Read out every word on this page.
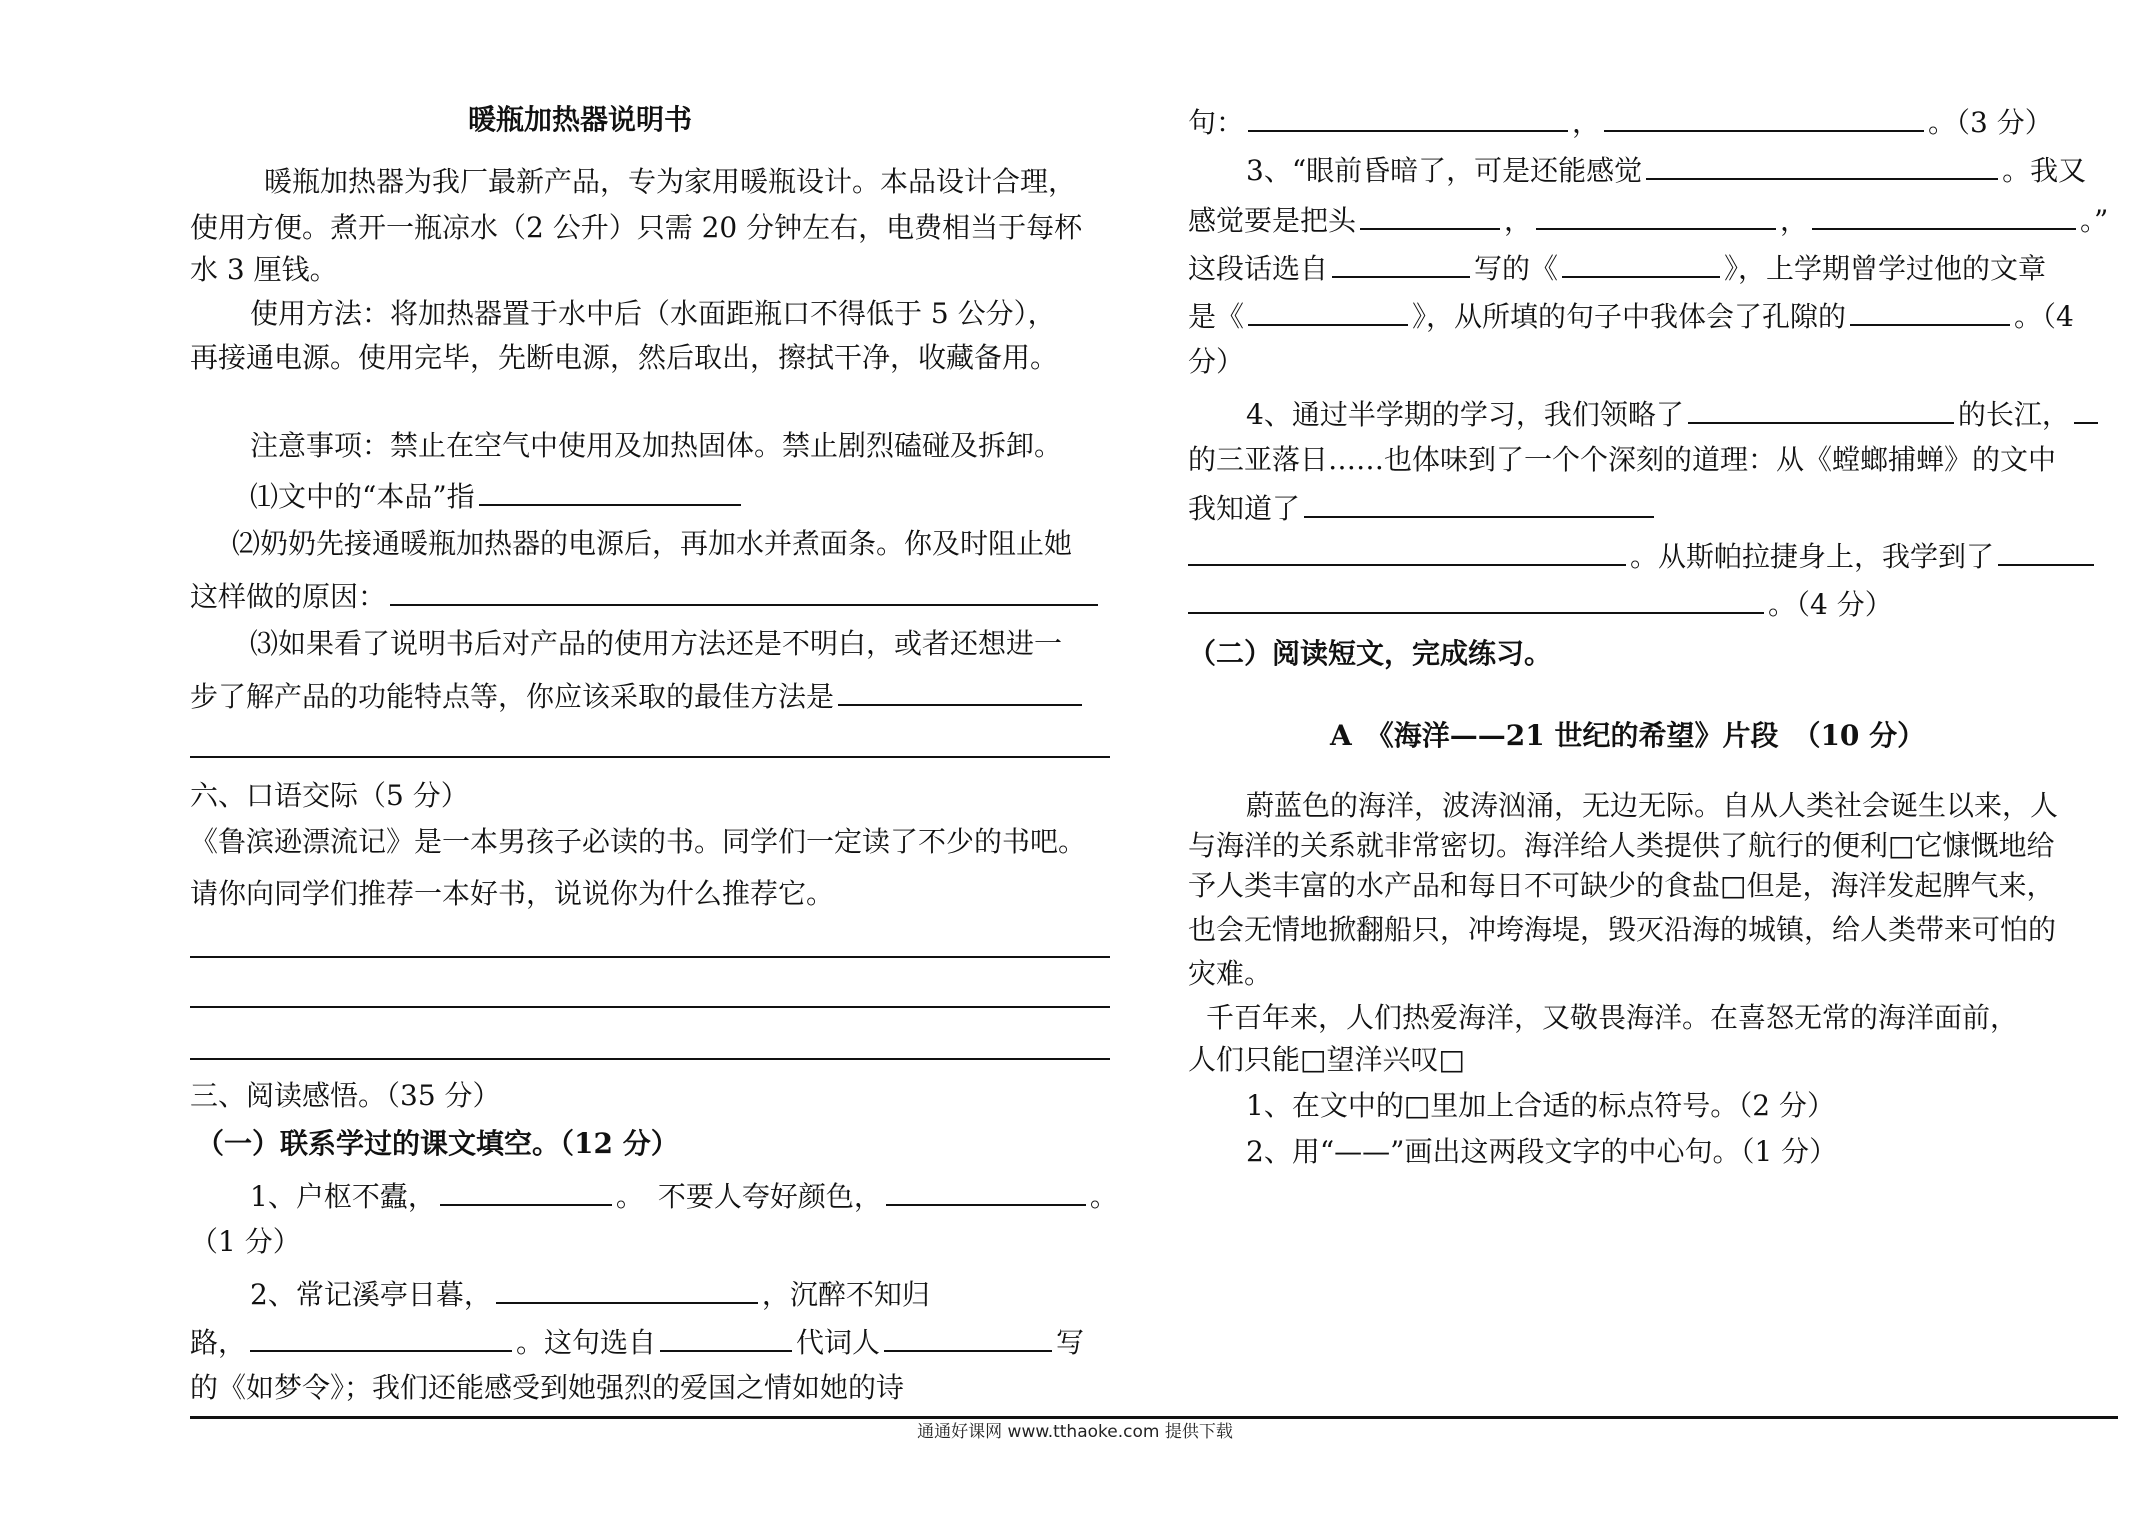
暖瓶加热器说明书
暖瓶加热器为我厂最新产品，专为家用暖瓶设计。本品设计合理，
使用方便。煮开一瓶凉水（2 公升）只需 20 分钟左右，电费相当于每杯
水 3 厘钱。
使用方法：将加热器置于水中后（水面距瓶口不得低于 5 公分），
再接通电源。使用完毕，先断电源，然后取出，擦拭干净，收藏备用。
注意事项：禁止在空气中使用及加热固体。禁止剧烈磕碰及拆卸。
⑴文中的“本品”指
⑵奶奶先接通暖瓶加热器的电源后，再加水并煮面条。你及时阻止她
这样做的原因：
⑶如果看了说明书后对产品的使用方法还是不明白，或者还想进一
步了解产品的功能特点等，你应该采取的最佳方法是
六、口语交际（5 分）
《鲁滨逊漂流记》是一本男孩子必读的书。同学们一定读了不少的书吧。
请你向同学们推荐一本好书，说说你为什么推荐它。
三、阅读感悟。（35 分）
（一）联系学过的课文填空。（12 分）
1、户枢不蠹，	。　不要人夸好颜色，	。
（1 分）
2、常记溪亭日暮，	，沉醉不知归
路，	。这句选自	代词人	写
的《如梦令》；我们还能感受到她强烈的爱国之情如她的诗
句：	，	。（3 分）
3、“眼前昏暗了，可是还能感觉	。我又
感觉要是把头	，	，	。”
这段话选自	写的《	》，上学期曾学过他的文章
是《	》，从所填的句子中我体会了孔隙的	。（4
分）
4、通过半学期的学习，我们领略了	的长江，
的三亚落日……也体味到了一个个深刻的道理：从《螳螂捕蝉》的文中
我知道了
。从斯帕拉捷身上，我学到了
。（4 分）
（二）阅读短文，完成练习。
A　《海洋——21 世纪的希望》片段　（10 分）
蔚蓝色的海洋，波涛汹涌，无边无际。自从人类社会诞生以来，人
与海洋的关系就非常密切。海洋给人类提供了航行的便利□它慷慨地给
予人类丰富的水产品和每日不可缺少的食盐□但是，海洋发起脾气来，
也会无情地掀翻船只，冲垮海堤，毁灭沿海的城镇，给人类带来可怕的
灾难。
千百年来，人们热爱海洋，又敬畏海洋。在喜怒无常的海洋面前，
人们只能□望洋兴叹□
1、在文中的□里加上合适的标点符号。（2 分）
2、用“——”画出这两段文字的中心句。（1 分）
通通好课网 www.tthaoke.com 提供下载
